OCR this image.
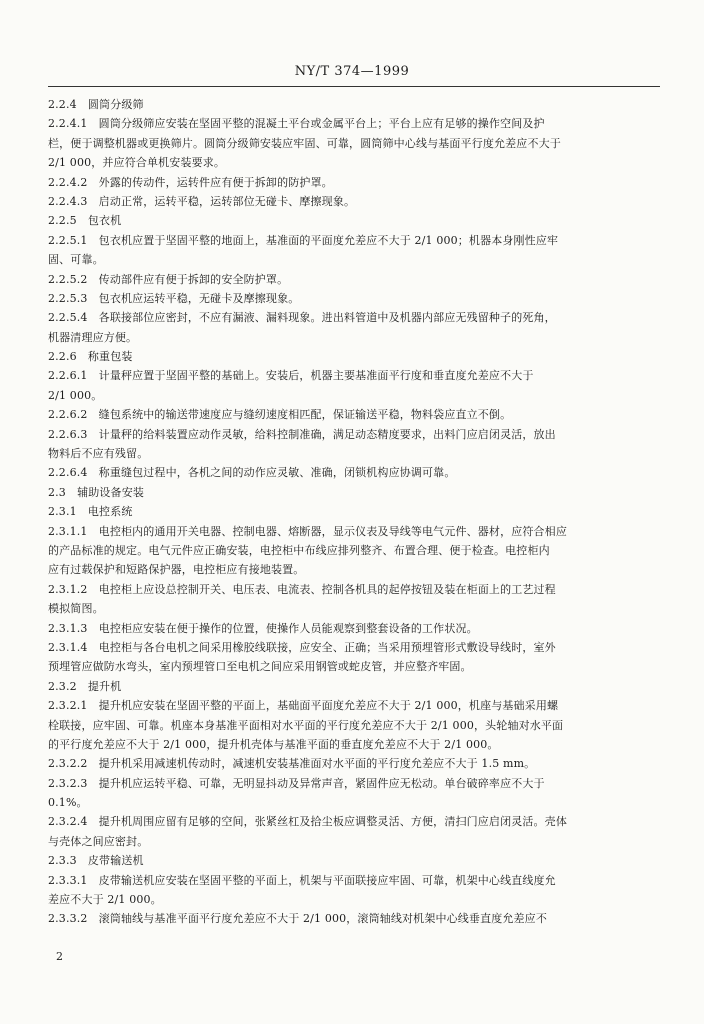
NY/T 374—1999
2.2.4　圆筒分级筛
2.2.4.1　圆筒分级筛应安装在坚固平整的混凝土平台或金属平台上；平台上应有足够的操作空间及护
栏，便于调整机器或更换筛片。圆筒分级筛安装应牢固、可靠，圆筒筛中心线与基面平行度允差应不大于
2/1 000，并应符合单机安装要求。
2.2.4.2　外露的传动件，运转件应有便于拆卸的防护罩。
2.2.4.3　启动正常，运转平稳，运转部位无碰卡、摩擦现象。
2.2.5　包衣机
2.2.5.1　包衣机应置于坚固平整的地面上，基准面的平面度允差应不大于 2/1 000；机器本身刚性应牢
固、可靠。
2.2.5.2　传动部件应有便于拆卸的安全防护罩。
2.2.5.3　包衣机应运转平稳，无碰卡及摩擦现象。
2.2.5.4　各联接部位应密封，不应有漏液、漏料现象。进出料管道中及机器内部应无残留种子的死角，
机器清理应方便。
2.2.6　称重包装
2.2.6.1　计量秤应置于坚固平整的基础上。安装后，机器主要基准面平行度和垂直度允差应不大于
2/1 000。
2.2.6.2　缝包系统中的输送带速度应与缝纫速度相匹配，保证输送平稳，物料袋应直立不倒。
2.2.6.3　计量秤的给料装置应动作灵敏，给料控制准确，满足动态精度要求，出料门应启闭灵活，放出
物料后不应有残留。
2.2.6.4　称重缝包过程中，各机之间的动作应灵敏、准确，闭锁机构应协调可靠。
2.3　辅助设备安装
2.3.1　电控系统
2.3.1.1　电控柜内的通用开关电器、控制电器、熔断器，显示仪表及导线等电气元件、器材，应符合相应
的产品标准的规定。电气元件应正确安装，电控柜中布线应排列整齐、布置合理、便于检查。电控柜内
应有过载保护和短路保护器，电控柜应有接地装置。
2.3.1.2　电控柜上应设总控制开关、电压表、电流表、控制各机具的起停按钮及装在柜面上的工艺过程
模拟简图。
2.3.1.3　电控柜应安装在便于操作的位置，使操作人员能观察到整套设备的工作状况。
2.3.1.4　电控柜与各台电机之间采用橡胶线联接，应安全、正确；当采用预埋管形式敷设导线时，室外
预埋管应做防水弯头，室内预埋管口至电机之间应采用钢管或蛇皮管，并应整齐牢固。
2.3.2　提升机
2.3.2.1　提升机应安装在坚固平整的平面上，基础面平面度允差应不大于 2/1 000，机座与基础采用螺
栓联接，应牢固、可靠。机座本身基准平面相对水平面的平行度允差应不大于 2/1 000，头轮轴对水平面
的平行度允差应不大于 2/1 000，提升机壳体与基准平面的垂直度允差应不大于 2/1 000。
2.3.2.2　提升机采用减速机传动时，减速机安装基准面对水平面的平行度允差应不大于 1.5 mm。
2.3.2.3　提升机应运转平稳、可靠，无明显抖动及异常声音，紧固件应无松动。单台破碎率应不大于
0.1%。
2.3.2.4　提升机周围应留有足够的空间，张紧丝杠及拾尘板应调整灵活、方便，清扫门应启闭灵活。壳体
与壳体之间应密封。
2.3.3　皮带输送机
2.3.3.1　皮带输送机应安装在坚固平整的平面上，机架与平面联接应牢固、可靠，机架中心线直线度允
差应不大于 2/1 000。
2.3.3.2　滚筒轴线与基准平面平行度允差应不大于 2/1 000，滚筒轴线对机架中心线垂直度允差应不
2
